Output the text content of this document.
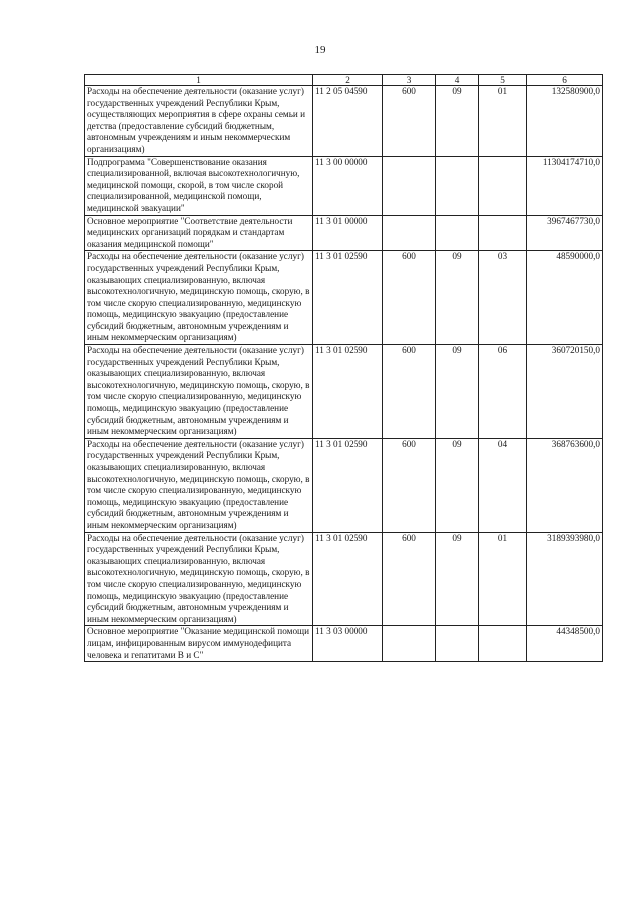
19
1	2	3	4	5	6
Расходы на обеспечение деятельности (оказание услуг) государственных учреждений Республики Крым, осуществляющих мероприятия в сфере охраны семьи и детства (предоставление субсидий бюджетным, автономным учреждениям и иным некоммерческим организациям)	11 2 05 04590	600	09	01	132580900,0
Подпрограмма "Совершенствование оказания специализированной, включая высокотехнологичную, медицинской помощи, скорой, в том числе скорой специализированной, медицинской помощи, медицинской эвакуации"	11 3 00 00000				11304174710,0
Основное мероприятие "Соответствие деятельности медицинских организаций порядкам и стандартам оказания медицинской помощи"	11 3 01 00000				3967467730,0
Расходы на обеспечение деятельности (оказание услуг) государственных учреждений Республики Крым, оказывающих специализированную, включая высокотехнологичную, медицинскую помощь, скорую, в том числе скорую специализированную, медицинскую помощь, медицинскую эвакуацию (предоставление субсидий бюджетным, автономным учреждениям и иным некоммерческим организациям)	11 3 01 02590	600	09	03	48590000,0
Расходы на обеспечение деятельности (оказание услуг) государственных учреждений Республики Крым, оказывающих специализированную, включая высокотехнологичную, медицинскую помощь, скорую, в том числе скорую специализированную, медицинскую помощь, медицинскую эвакуацию (предоставление субсидий бюджетным, автономным учреждениям и иным некоммерческим организациям)	11 3 01 02590	600	09	06	360720150,0
Расходы на обеспечение деятельности (оказание услуг) государственных учреждений Республики Крым, оказывающих специализированную, включая высокотехнологичную, медицинскую помощь, скорую, в том числе скорую специализированную, медицинскую помощь, медицинскую эвакуацию (предоставление субсидий бюджетным, автономным учреждениям и иным некоммерческим организациям)	11 3 01 02590	600	09	04	368763600,0
Расходы на обеспечение деятельности (оказание услуг) государственных учреждений Республики Крым, оказывающих специализированную, включая высокотехнологичную, медицинскую помощь, скорую, в том числе скорую специализированную, медицинскую помощь, медицинскую эвакуацию (предоставление субсидий бюджетным, автономным учреждениям и иным некоммерческим организациям)	11 3 01 02590	600	09	01	3189393980,0
Основное мероприятие "Оказание медицинской помощи лицам, инфицированным вирусом иммунодефицита человека и гепатитами В и С"	11 3 03 00000				44348500,0
